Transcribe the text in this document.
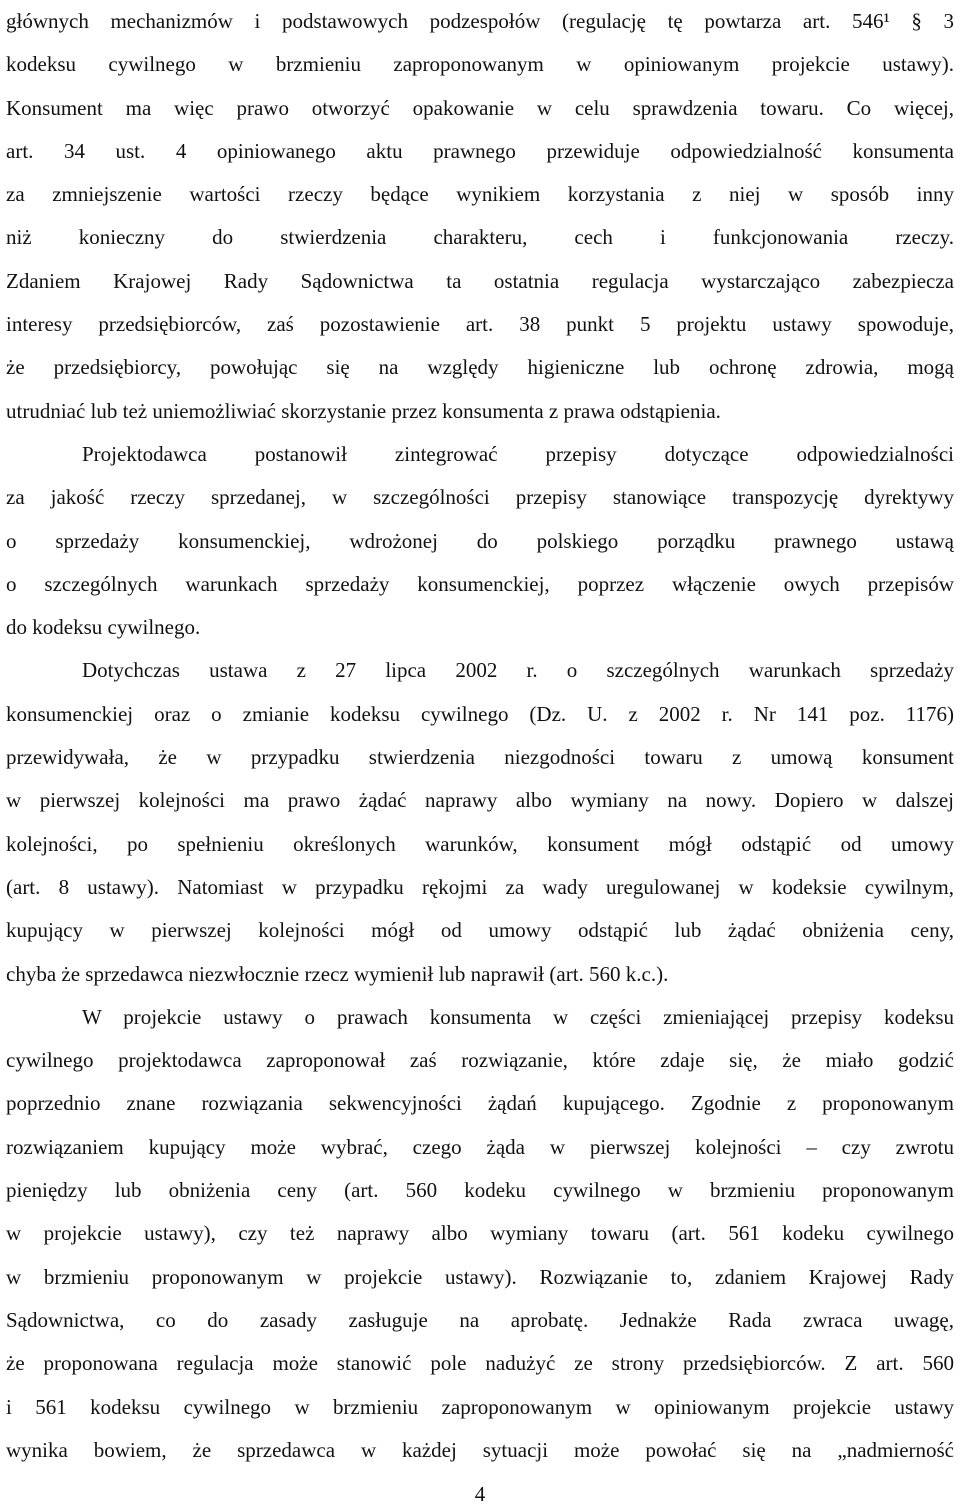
głównych mechanizmów i podstawowych podzespołów (regulację tę powtarza art. 546¹ § 3
kodeksu cywilnego w brzmieniu zaproponowanym w opiniowanym projekcie ustawy).
Konsument ma więc prawo otworzyć opakowanie w celu sprawdzenia towaru. Co więcej,
art. 34 ust. 4 opiniowanego aktu prawnego przewiduje odpowiedzialność konsumenta
za zmniejszenie wartości rzeczy będące wynikiem korzystania z niej w sposób inny
niż konieczny do stwierdzenia charakteru, cech i funkcjonowania rzeczy.
Zdaniem Krajowej Rady Sądownictwa ta ostatnia regulacja wystarczająco zabezpiecza
interesy przedsiębiorców, zaś pozostawienie art. 38 punkt 5 projektu ustawy spowoduje,
że przedsiębiorcy, powołując się na względy higieniczne lub ochronę zdrowia, mogą
utrudniać lub też uniemożliwiać skorzystanie przez konsumenta z prawa odstąpienia.
Projektodawca postanowił zintegrować przepisy dotyczące odpowiedzialności
za jakość rzeczy sprzedanej, w szczególności przepisy stanowiące transpozycję dyrektywy
o sprzedaży konsumenckiej, wdrożonej do polskiego porządku prawnego ustawą
o szczególnych warunkach sprzedaży konsumenckiej, poprzez włączenie owych przepisów
do kodeksu cywilnego.
Dotychczas ustawa z 27 lipca 2002 r. o szczególnych warunkach sprzedaży
konsumenckiej oraz o zmianie kodeksu cywilnego (Dz. U. z 2002 r. Nr 141 poz. 1176)
przewidywała, że w przypadku stwierdzenia niezgodności towaru z umową konsument
w pierwszej kolejności ma prawo żądać naprawy albo wymiany na nowy. Dopiero w dalszej
kolejności, po spełnieniu określonych warunków, konsument mógł odstąpić od umowy
(art. 8 ustawy). Natomiast w przypadku rękojmi za wady uregulowanej w kodeksie cywilnym,
kupujący w pierwszej kolejności mógł od umowy odstąpić lub żądać obniżenia ceny,
chyba że sprzedawca niezwłocznie rzecz wymienił lub naprawił (art. 560 k.c.).
W projekcie ustawy o prawach konsumenta w części zmieniającej przepisy kodeksu
cywilnego projektodawca zaproponował zaś rozwiązanie, które zdaje się, że miało godzić
poprzednio znane rozwiązania sekwencyjności żądań kupującego. Zgodnie z proponowanym
rozwiązaniem kupujący może wybrać, czego żąda w pierwszej kolejności – czy zwrotu
pieniędzy lub obniżenia ceny (art. 560 kodeku cywilnego w brzmieniu proponowanym
w projekcie ustawy), czy też naprawy albo wymiany towaru (art. 561 kodeku cywilnego
w brzmieniu proponowanym w projekcie ustawy). Rozwiązanie to, zdaniem Krajowej Rady
Sądownictwa, co do zasady zasługuje na aprobatę. Jednakże Rada zwraca uwagę,
że proponowana regulacja może stanowić pole nadużyć ze strony przedsiębiorców. Z art. 560
i 561 kodeksu cywilnego w brzmieniu zaproponowanym w opiniowanym projekcie ustawy
wynika bowiem, że sprzedawca w każdej sytuacji może powołać się na „nadmierność
4
